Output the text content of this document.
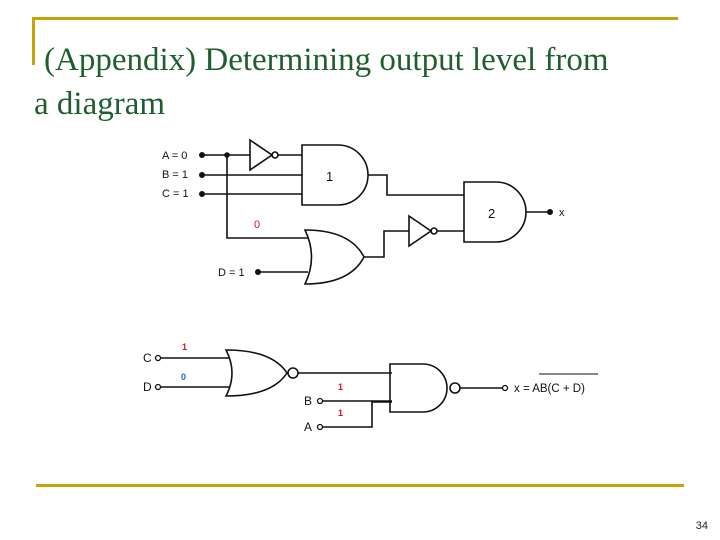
(Appendix) Determining output level from
a diagram
A = 0
B = 1
C = 1
D = 1
1
0
2	x
C
D
1
0
B
A
1
1
x = AB(C + D)
34
